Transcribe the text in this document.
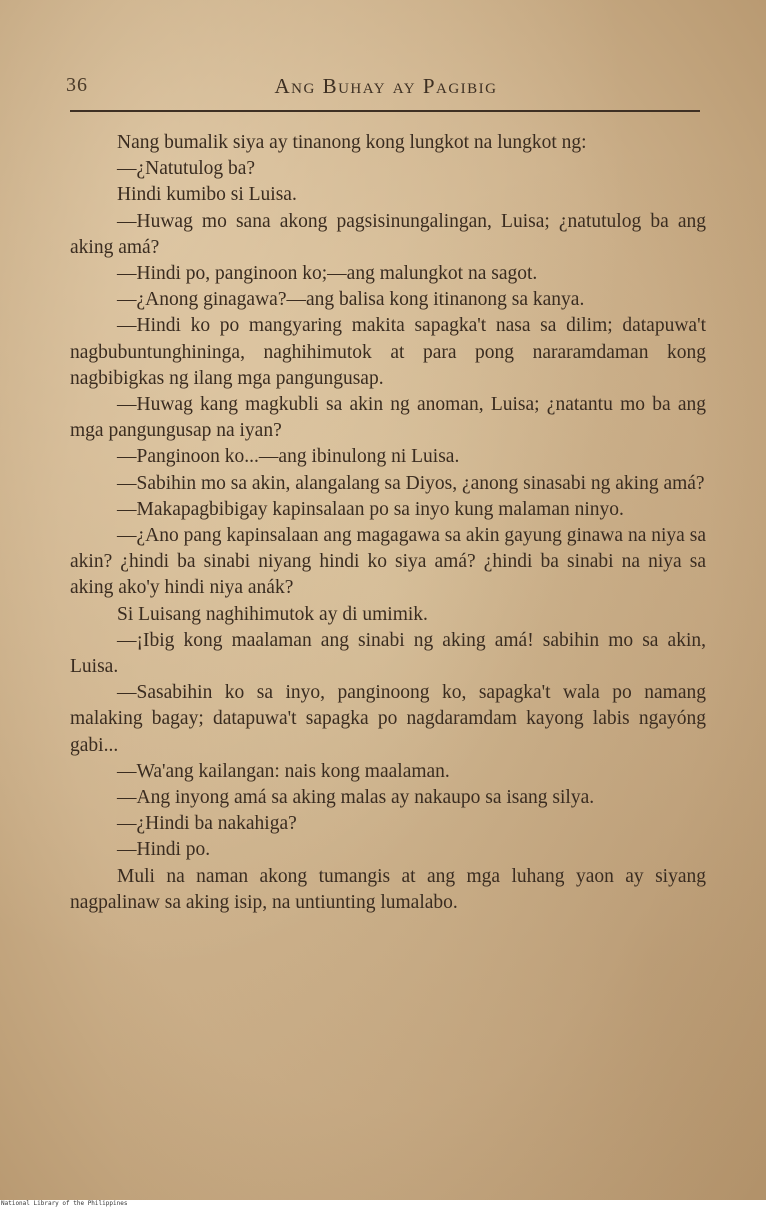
36	Ang Buhay ay Pagibig

Nang bumalik siya ay tinanong kong lungkot na lungkot ng:

—¿Natutulog ba?

Hindi kumibo si Luisa.

—Huwag mo sana akong pagsisinungalingan, Luisa; ¿natutulog ba ang aking amá?

—Hindi po, panginoon ko;—ang malungkot na sagot.

—¿Anong ginagawa?—ang balisa kong itinanong sa kanya.

—Hindi ko po mangyaring makita sapagka't nasa sa dilim; datapuwa't nagbubuntunghininga, naghihimutok at para pong nararamdaman kong nagbibigkas ng ilang mga pangungusap.

—Huwag kang magkubli sa akin ng anoman, Luisa; ¿natantu mo ba ang mga pangungusap na iyan?

—Panginoon ko...—ang ibinulong ni Luisa.

—Sabihin mo sa akin, alangalang sa Diyos, ¿anong sinasabi ng aking amá?

—Makapagbibigay kapinsalaan po sa inyo kung malaman ninyo.

—¿Ano pang kapinsalaan ang magagawa sa akin gayung ginawa na niya sa akin? ¿hindi ba sinabi niyang hindi ko siya amá? ¿hindi ba sinabi na niya sa aking ako'y hindi niya anák?

Si Luisang naghihimutok ay di umimik.

—¡Ibig kong maalaman ang sinabi ng aking amá! sabihin mo sa akin, Luisa.

—Sasabihin ko sa inyo, panginoong ko, sapagka't wala po namang malaking bagay; datapuwa't sapagka po nagdaramdam kayong labis ngayóng gabi...

—Wa'ang kailangan: nais kong maalaman.

—Ang inyong amá sa aking malas ay nakaupo sa isang silya.

—¿Hindi ba nakahiga?

—Hindi po.

Muli na naman akong tumangis at ang mga luhang yaon ay siyang nagpalinaw sa aking isip, na untiunting lumalabo.

National Library of the Philippines
